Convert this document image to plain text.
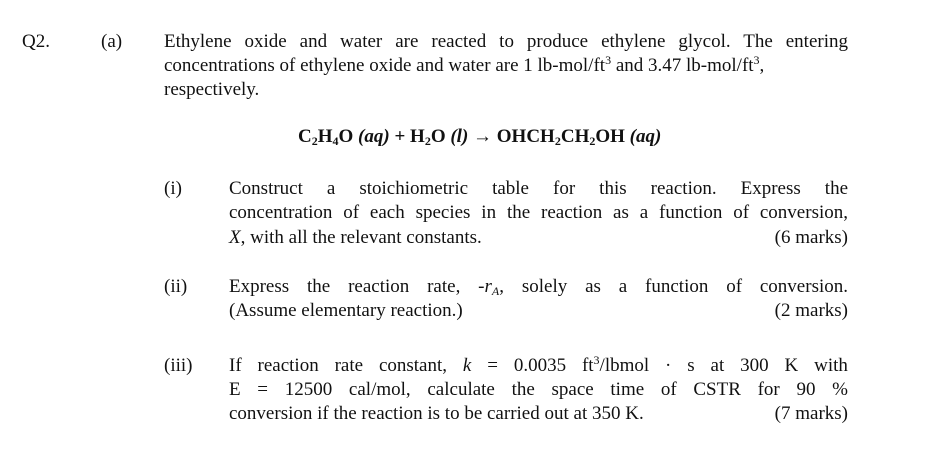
Q2.	(a) Ethylene oxide and water are reacted to produce ethylene glycol. The entering
concentrations of ethylene oxide and water are 1 $lb-mol/ft^3$ and 3.47 $lb-mol/ft^3$,
respectively.
$C_2H_4O$ $(aq) + H_2O$ $(l) \to OHCH_2CH_2OH$ (aq)
(i) Construct a stoichiometric table for this reaction. Express the
concentration of each species in the reaction as a function of conversion,
X, with all the relevant constants.	(6 marks)
(ii) Express the reaction rate, $-r_A$, solely as a function of conversion.
(Assume elementary reaction.)	(2 marks)
(iii) If reaction rate constant, k = 0.0035 $ft^3$/lbmol · s at 300 K with
E = 12500 cal/mol, calculate the space time of CSTR for 90 %
conversion if the reaction is to be carried out at 350 K.	(7 marks)
